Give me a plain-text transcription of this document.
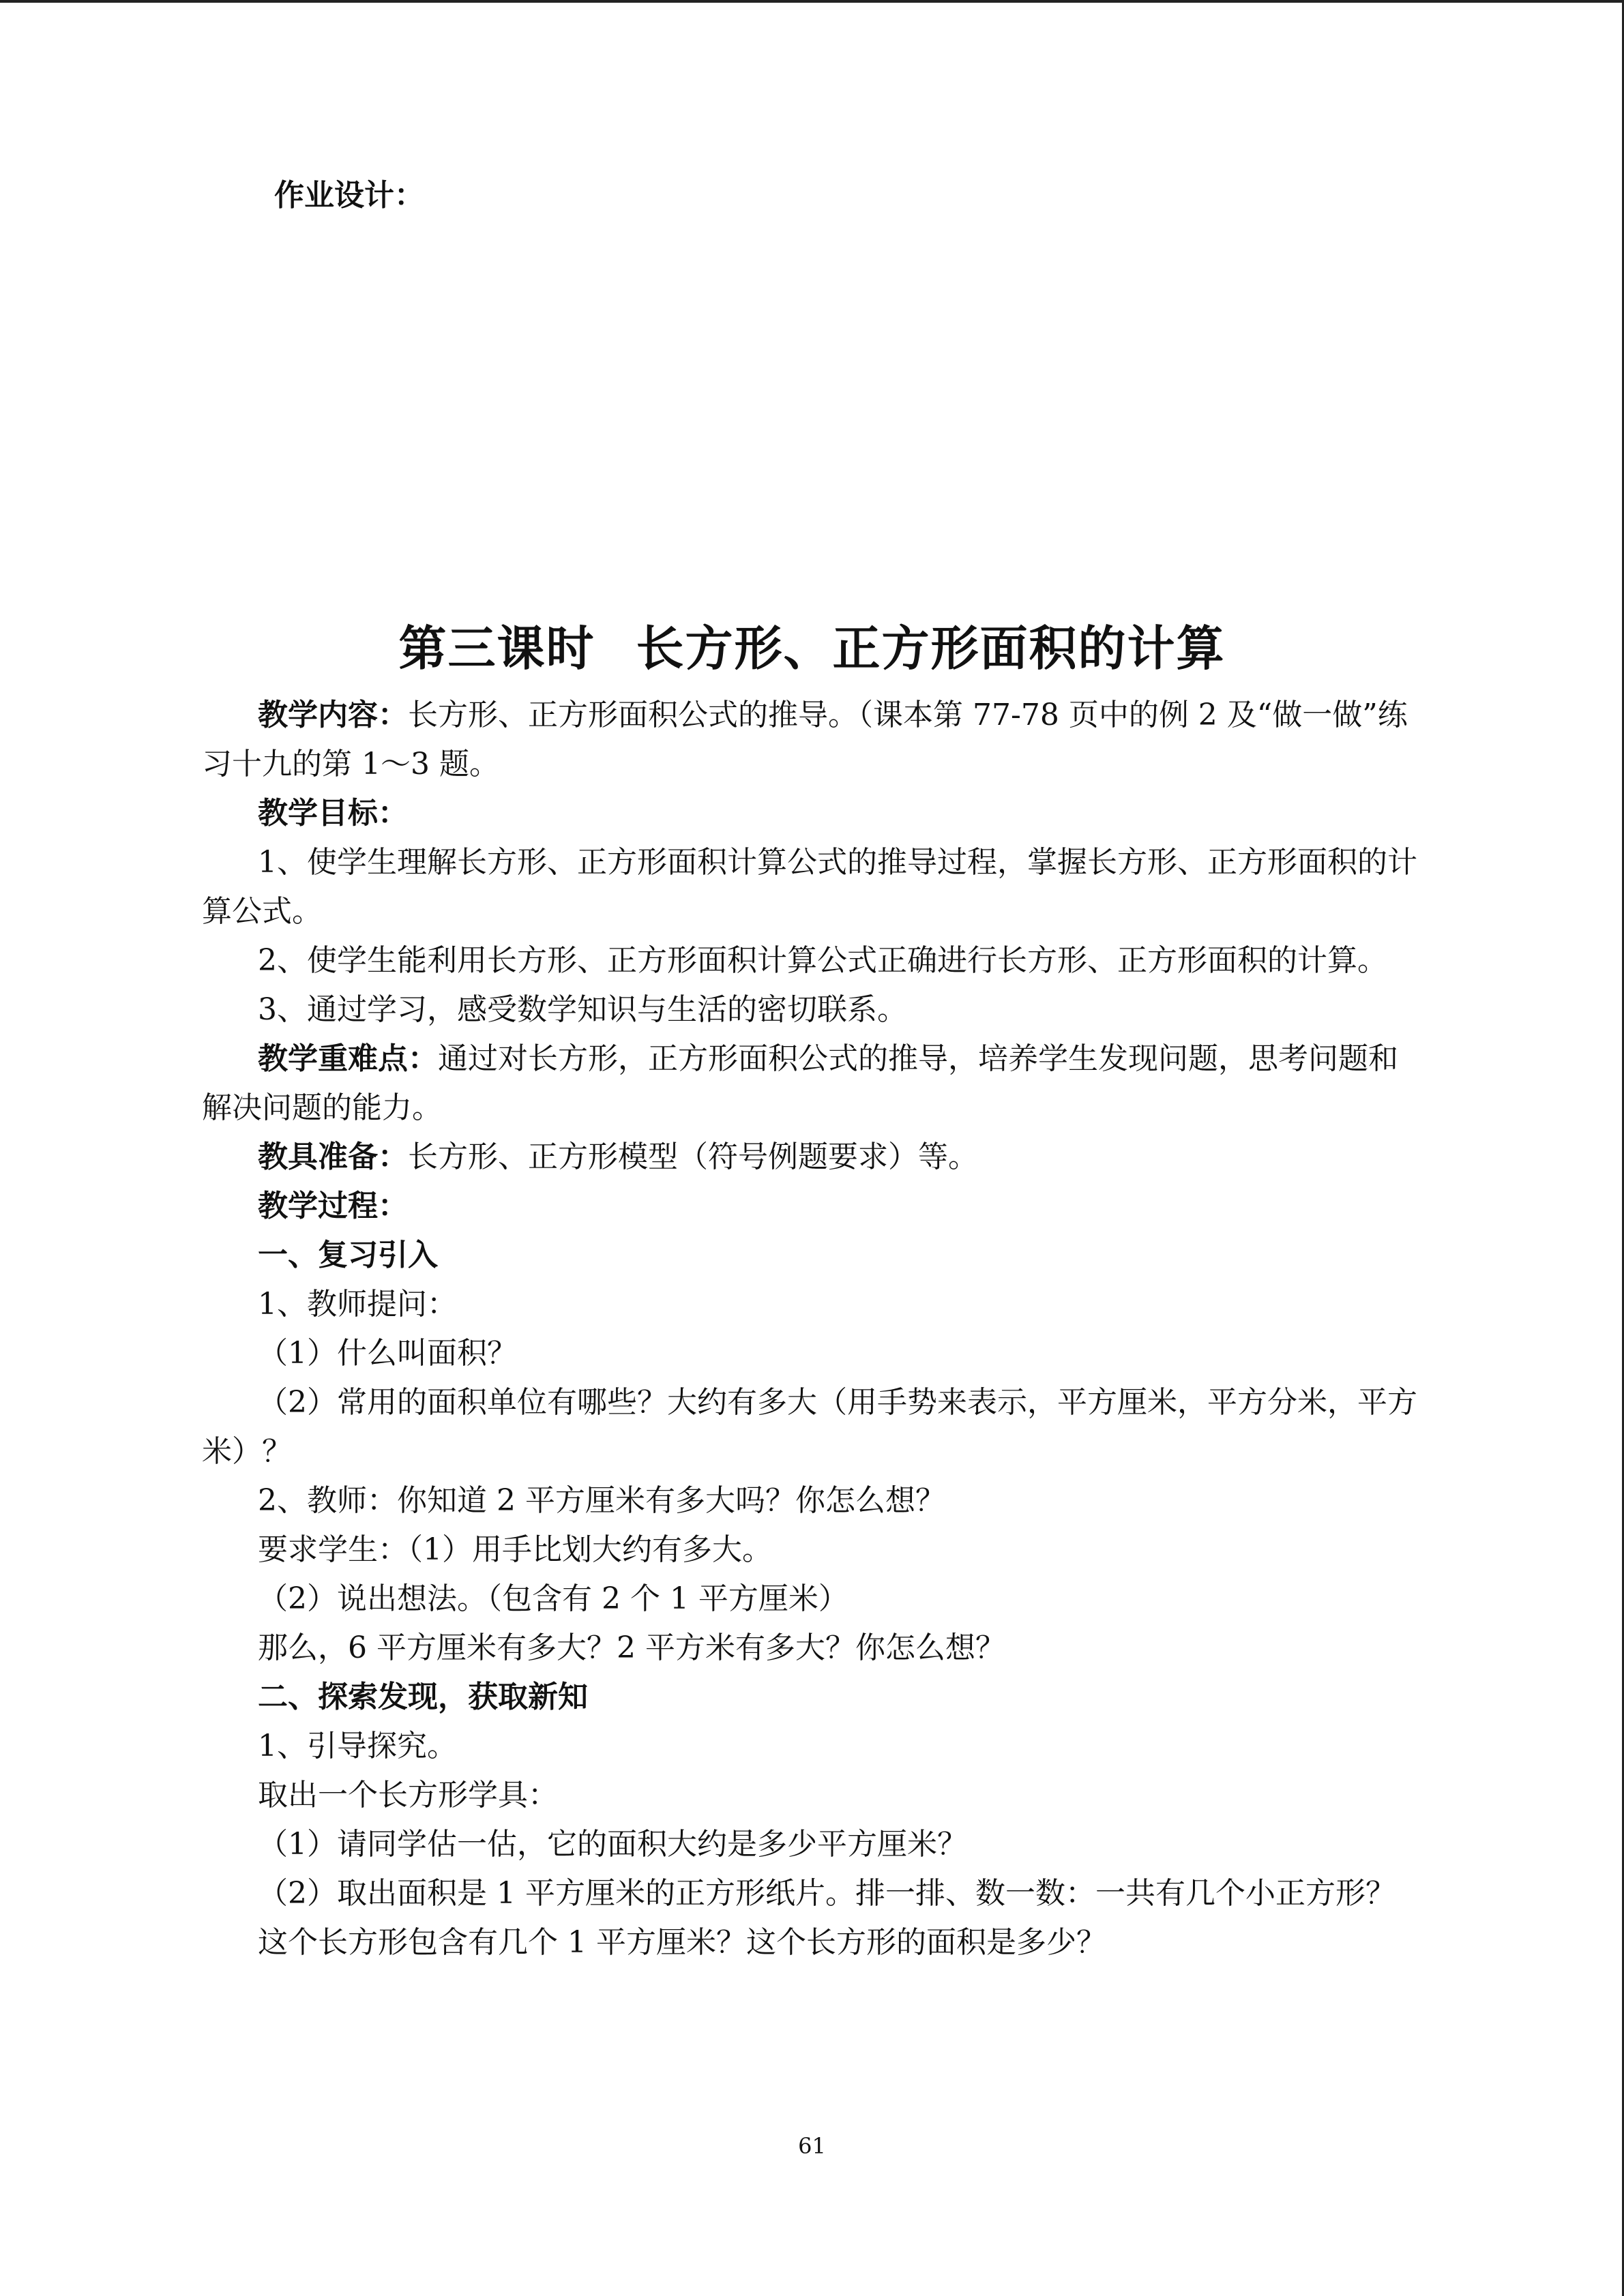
作业设计：
第三课时 长方形、正方形面积的计算

教学内容：长方形、正方形面积公式的推导。（课本第 77-78 页中的例 2 及“做一做”练习十九的第 1～3 题。

教学目标：

1、使学生理解长方形、正方形面积计算公式的推导过程，掌握长方形、正方形面积的计算公式。

2、使学生能利用长方形、正方形面积计算公式正确进行长方形、正方形面积的计算。

3、通过学习，感受数学知识与生活的密切联系。

教学重难点：通过对长方形，正方形面积公式的推导，培养学生发现问题，思考问题和解决问题的能力。

教具准备：长方形、正方形模型（符号例题要求）等。

教学过程：

一、复习引入

1、教师提问：

（1）什么叫面积？

（2）常用的面积单位有哪些？大约有多大（用手势来表示，平方厘米，平方分米，平方米）？

2、教师：你知道 2 平方厘米有多大吗？你怎么想？

要求学生：（1）用手比划大约有多大。

（2）说出想法。（包含有 2 个 1 平方厘米）

那么，6 平方厘米有多大？2 平方米有多大？你怎么想？

二、探索发现，获取新知

1、引导探究。

取出一个长方形学具：

（1）请同学估一估，它的面积大约是多少平方厘米？

（2）取出面积是 1 平方厘米的正方形纸片。排一排、数一数：一共有几个小正方形？

这个长方形包含有几个 1 平方厘米？这个长方形的面积是多少？

61
